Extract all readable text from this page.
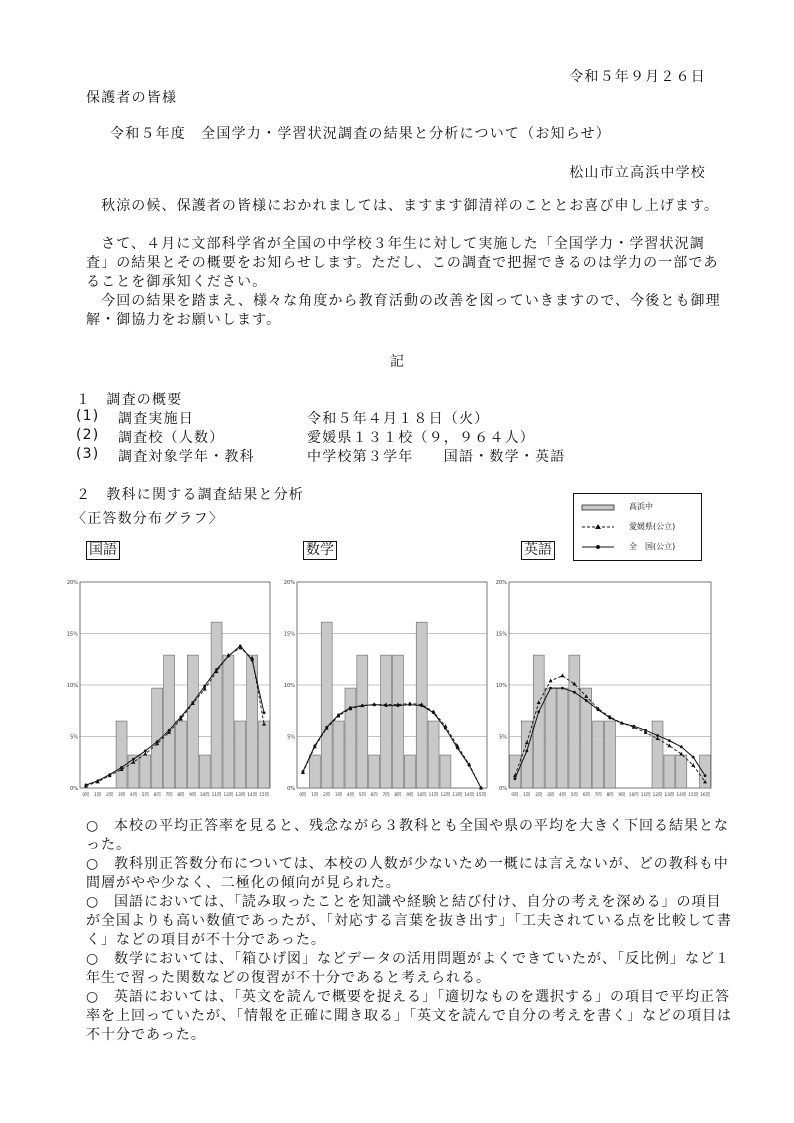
令和５年９月２６日
保護者の皆様
令和５年度　全国学力・学習状況調査の結果と分析について（お知らせ）
松山市立高浜中学校
　秋涼の候、保護者の皆様におかれましては、ますます御清祥のこととお喜び申し上げます。
　さて、４月に文部科学省が全国の中学校３年生に対して実施した「全国学力・学習状況調査」の結果とその概要をお知らせします。ただし、この調査で把握できるのは学力の一部であることを御承知ください。
　今回の結果を踏まえ、様々な角度から教育活動の改善を図っていきますので、今後とも御理解・御協力をお願いします。
記
１　調査の概要
(1) 調査実施日	令和５年４月１８日（火）
(2) 調査校（人数）	愛媛県１３１校（９，９６４人）
(3) 調査対象学年・教科	中学校第３学年　　国語・数学・英語
２　教科に関する調査結果と分析
〈正答数分布グラフ〉
高浜中
愛媛県(公立)
全　国(公立)
国語	数学	英語
0%
5%
10%
15%
20%
0問 1問 2問 3問 4問 5問 6問 7問 8問 9問 10問 11問 12問 13問 14問 15問
0%
5%
10%
15%
20%
0問 1問 2問 3問 4問 5問 6問 7問 8問 9問 10問 11問 12問 13問 14問 15問
0%
5%
10%
15%
20%
0問 1問 2問 3問 4問 5問 6問 7問 8問 9問 10問 11問 12問 13問 14問 15問 16問
○ 本校の平均正答率を見ると、残念ながら３教科とも全国や県の平均を大きく下回る結果となった。
○ 教科別正答数分布については、本校の人数が少ないため一概には言えないが、どの教科も中間層がやや少なく、二極化の傾向が見られた。
○ 国語においては、「読み取ったことを知識や経験と結び付け、自分の考えを深める」の項目が全国よりも高い数値であったが、「対応する言葉を抜き出す」「工夫されている点を比較して書く」などの項目が不十分であった。
○ 数学においては、「箱ひげ図」などデータの活用問題がよくできていたが、「反比例」など１年生で習った関数などの復習が不十分であると考えられる。
○ 英語においては、「英文を読んで概要を捉える」「適切なものを選択する」の項目で平均正答率を上回っていたが、「情報を正確に聞き取る」「英文を読んで自分の考えを書く」などの項目は不十分であった。
